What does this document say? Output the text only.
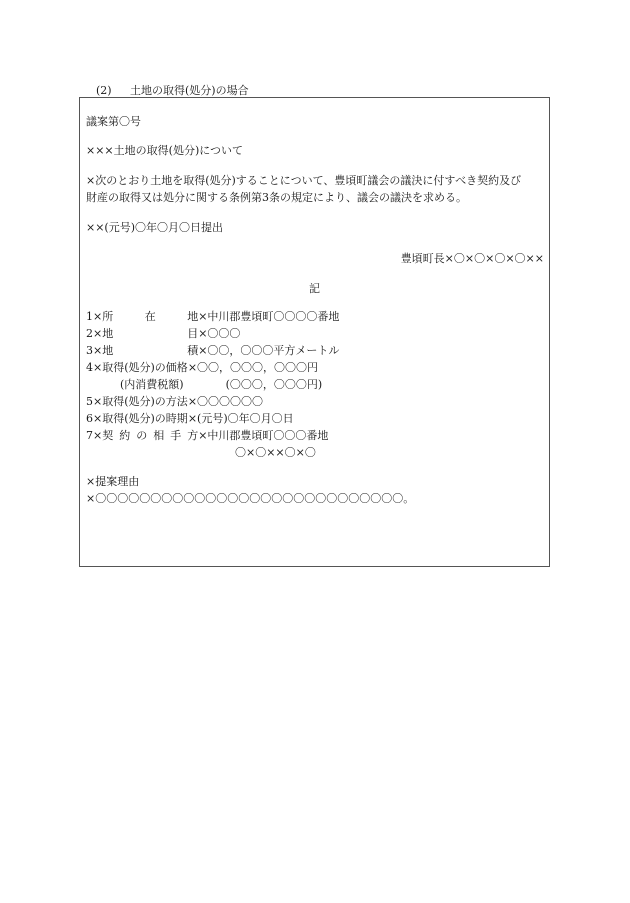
(2) 土地の取得(処分)の場合
議案第〇号
×××土地の取得(処分)について
×次のとおり土地を取得(処分)することについて、豊頃町議会の議決に付すべき契約及び
財産の取得又は処分に関する条例第3条の規定により、議会の議決を求める。
××(元号)〇年〇月〇日提出
豊頃町長×〇×〇×〇×〇××
記
1×所　　在　　地×中川郡豊頃町〇〇〇〇番地
2×地　　　　　目×〇〇〇
3×地　　　　　積×〇〇，〇〇〇平方メートル
4×取得(処分)の価格×〇〇，〇〇〇，〇〇〇円
(内消費税額)	(〇〇〇，〇〇〇円)
5×取得(処分)の方法×〇〇〇〇〇〇
6×取得(処分)の時期×(元号)〇年〇月〇日
7×契 約 の 相 手 方×中川郡豊頃町〇〇〇番地
〇×〇××〇×〇
×提案理由
×〇〇〇〇〇〇〇〇〇〇〇〇〇〇〇〇〇〇〇〇〇〇〇〇〇〇〇〇。
